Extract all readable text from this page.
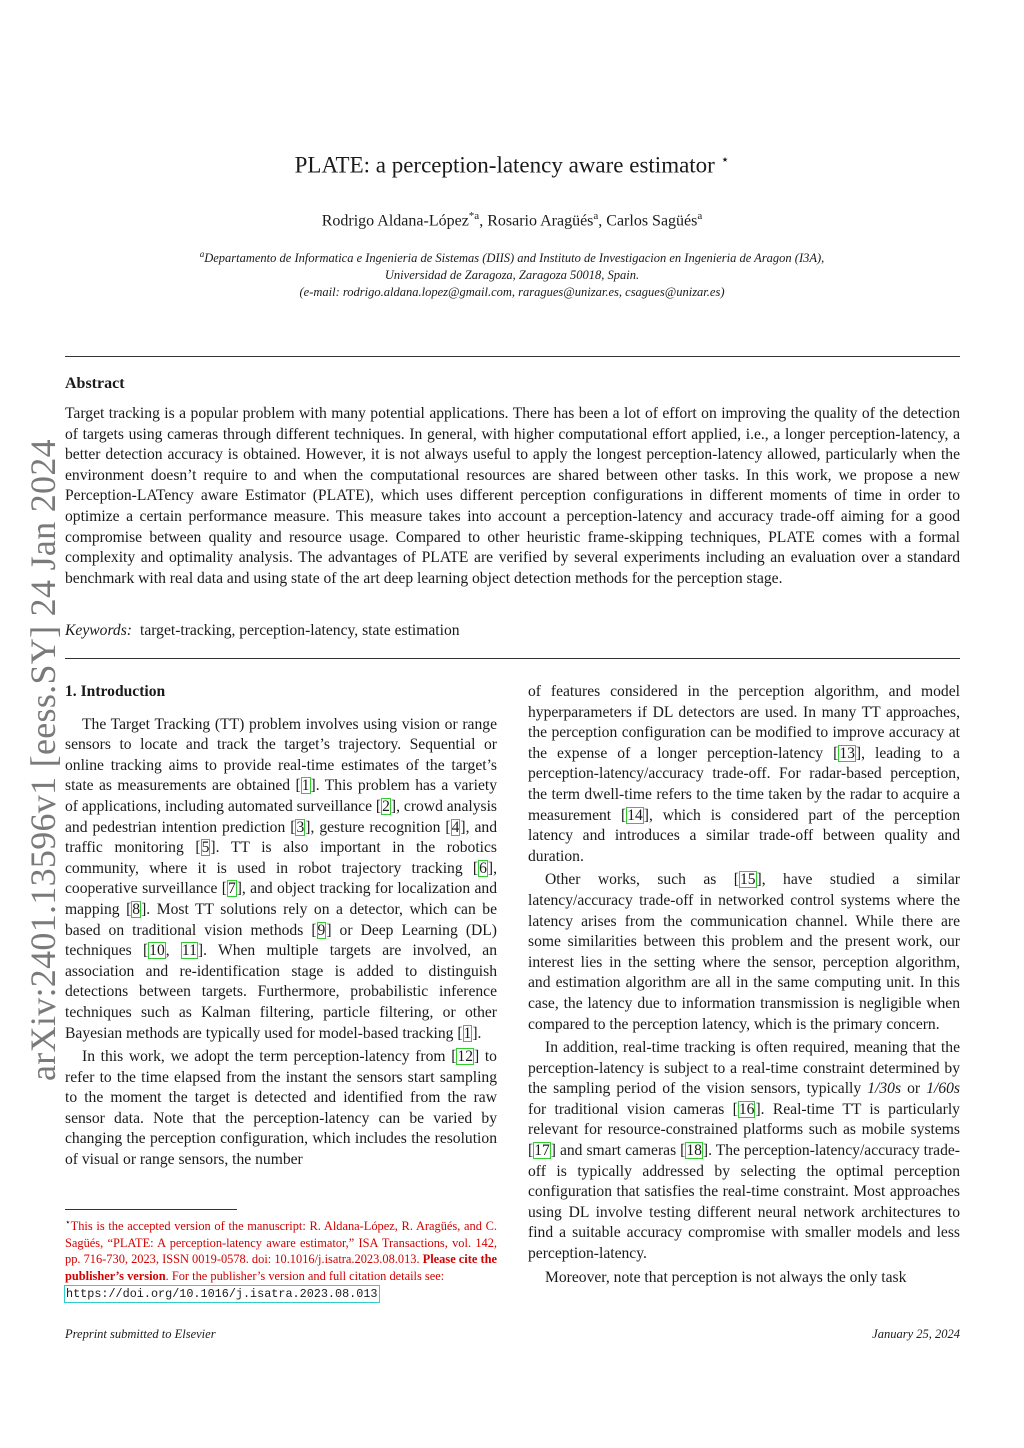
arXiv:2401.13596v1 [eess.SY] 24 Jan 2024
PLATE: a perception-latency aware estimator ⋆
Rodrigo Aldana-López$^{*a}$, Rosario Aragüés$^a$, Carlos Sagüés$^a$
$^a$Departamento de Informatica e Ingenieria de Sistemas (DIIS) and Instituto de Investigacion en Ingenieria de Aragon (I3A),
Universidad de Zaragoza, Zaragoza 50018, Spain.
(e-mail: rodrigo.aldana.lopez@gmail.com, raragues@unizar.es, csagues@unizar.es)
Abstract
Target tracking is a popular problem with many potential applications. There has been a lot of effort on improving the quality of the detection of targets using cameras through different techniques. In general, with higher computational effort applied, i.e., a longer perception-latency, a better detection accuracy is obtained. However, it is not always useful to apply the longest perception-latency allowed, particularly when the environment doesn’t require to and when the computational resources are shared between other tasks. In this work, we propose a new Perception-LATency aware Estimator (PLATE), which uses different perception configurations in different moments of time in order to optimize a certain performance measure. This measure takes into account a perception-latency and accuracy trade-off aiming for a good compromise between quality and resource usage. Compared to other heuristic frame-skipping techniques, PLATE comes with a formal complexity and optimality analysis. The advantages of PLATE are verified by several experiments including an evaluation over a standard benchmark with real data and using state of the art deep learning object detection methods for the perception stage.
Keywords: target-tracking, perception-latency, state estimation
1. Introduction

The Target Tracking (TT) problem involves using vision or range sensors to locate and track the target’s trajectory. Sequential or online tracking aims to provide real-time estimates of the target’s state as measurements are obtained [1]. This problem has a variety of applications, including automated surveillance [2], crowd analysis and pedestrian intention prediction [3], gesture recognition [4], and traffic monitoring [5]. TT is also important in the robotics community, where it is used in robot trajectory tracking [6], cooperative surveillance [7], and object tracking for localization and mapping [8]. Most TT solutions rely on a detector, which can be based on traditional vision methods [9] or Deep Learning (DL) techniques [10, 11]. When multiple targets are involved, an association and re-identification stage is added to distinguish detections between targets. Furthermore, probabilistic inference techniques such as Kalman filtering, particle filtering, or other Bayesian methods are typically used for model-based tracking [1].

In this work, we adopt the term perception-latency from [12] to refer to the time elapsed from the instant the sensors start sampling to the moment the target is detected and identified from the raw sensor data. Note that the perception-latency can be varied by changing the perception configuration, which includes the resolution of visual or range sensors, the number

of features considered in the perception algorithm, and model hyperparameters if DL detectors are used. In many TT approaches, the perception configuration can be modified to improve accuracy at the expense of a longer perception-latency [13], leading to a perception-latency/accuracy trade-off. For radar-based perception, the term dwell-time refers to the time taken by the radar to acquire a measurement [14], which is considered part of the perception latency and introduces a similar trade-off between quality and duration.

Other works, such as [15], have studied a similar latency/accuracy trade-off in networked control systems where the latency arises from the communication channel. While there are some similarities between this problem and the present work, our interest lies in the setting where the sensor, perception algorithm, and estimation algorithm are all in the same computing unit. In this case, the latency due to information transmission is negligible when compared to the perception latency, which is the primary concern.

In addition, real-time tracking is often required, meaning that the perception-latency is subject to a real-time constraint determined by the sampling period of the vision sensors, typically 1/30s or 1/60s for traditional vision cameras [16]. Real-time TT is particularly relevant for resource-constrained platforms such as mobile systems [17] and smart cameras [18]. The perception-latency/accuracy trade-off is typically addressed by selecting the optimal perception configuration that satisfies the real-time constraint. Most approaches using DL involve testing different neural network architectures to find a suitable accuracy compromise with smaller models and less perception-latency.

Moreover, note that perception is not always the only task

⋆This is the accepted version of the manuscript: R. Aldana-López, R. Aragüés, and C. Sagüés, “PLATE: A perception-latency aware estimator,” ISA Transactions, vol. 142, pp. 716-730, 2023, ISSN 0019-0578. doi: 10.1016/j.isatra.2023.08.013. Please cite the publisher’s version. For the publisher’s version and full citation details see:
https://doi.org/10.1016/j.isatra.2023.08.013
Preprint submitted to Elsevier	January 25, 2024
